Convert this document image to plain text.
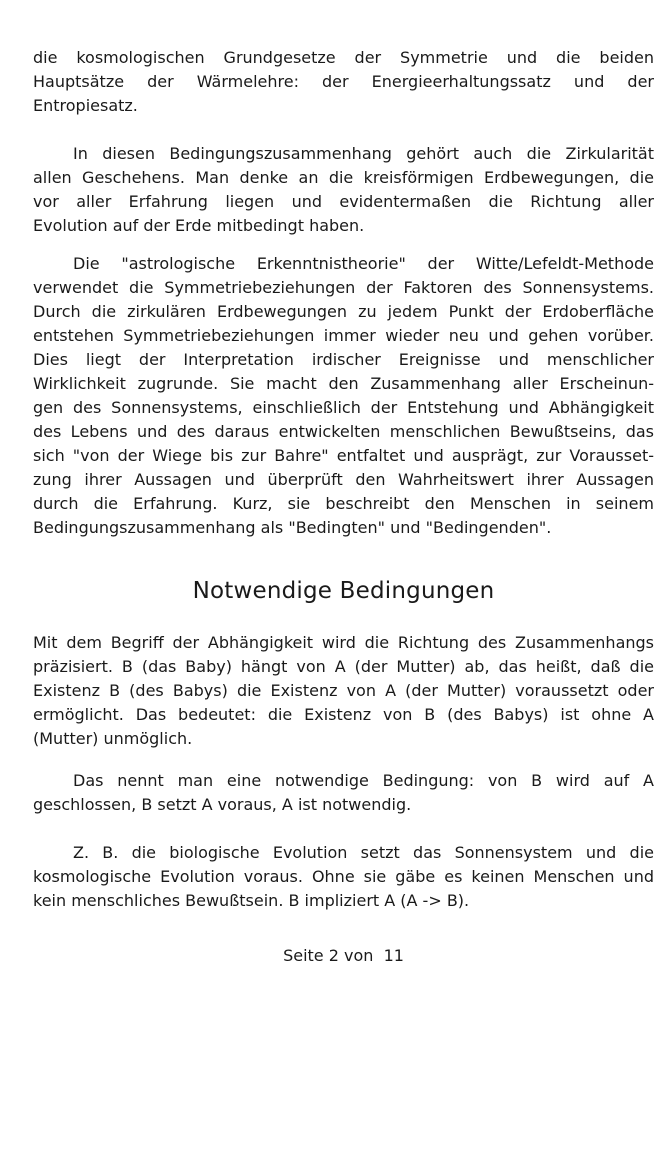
die kosmologischen Grundgesetze der Symmetrie und die beiden
Hauptsätze der Wärmelehre: der Energieerhaltungssatz und der
Entropiesatz.
In diesen Bedingungszusammenhang gehört auch die Zirkularität
allen Geschehens. Man denke an die kreisförmigen Erdbewegungen, die
vor aller Erfahrung liegen und evidentermaßen die Richtung aller
Evolution auf der Erde mitbedingt haben.
Die "astrologische Erkenntnistheorie" der Witte/Lefeldt-Methode
verwendet die Symmetriebeziehungen der Faktoren des Sonnensystems.
Durch die zirkulären Erdbewegungen zu jedem Punkt der Erdoberfläche
entstehen Symmetriebeziehungen immer wieder neu und gehen vorüber.
Dies liegt der Interpretation irdischer Ereignisse und menschlicher
Wirklichkeit zugrunde. Sie macht den Zusammenhang aller Erscheinun-
gen des Sonnensystems, einschließlich der Entstehung und Abhängigkeit
des Lebens und des daraus entwickelten menschlichen Bewußtseins, das
sich "von der Wiege bis zur Bahre" entfaltet und ausprägt, zur Vorausset-
zung ihrer Aussagen und überprüft den Wahrheitswert ihrer Aussagen
durch die Erfahrung. Kurz, sie beschreibt den Menschen in seinem
Bedingungszusammenhang als "Bedingten" und "Bedingenden".
Notwendige Bedingungen
Mit dem Begriff der Abhängigkeit wird die Richtung des Zusammenhangs
präzisiert. B (das Baby) hängt von A (der Mutter) ab, das heißt, daß die
Existenz B (des Babys) die Existenz von A (der Mutter) voraussetzt oder
ermöglicht. Das bedeutet: die Existenz von B (des Babys) ist ohne A
(Mutter) unmöglich.
Das nennt man eine notwendige Bedingung: von B wird auf A
geschlossen, B setzt A voraus, A ist notwendig.
Z. B. die biologische Evolution setzt das Sonnensystem und die
kosmologische Evolution voraus. Ohne sie gäbe es keinen Menschen und
kein menschliches Bewußtsein. B impliziert A (A -> B).
Seite 2 von  11
